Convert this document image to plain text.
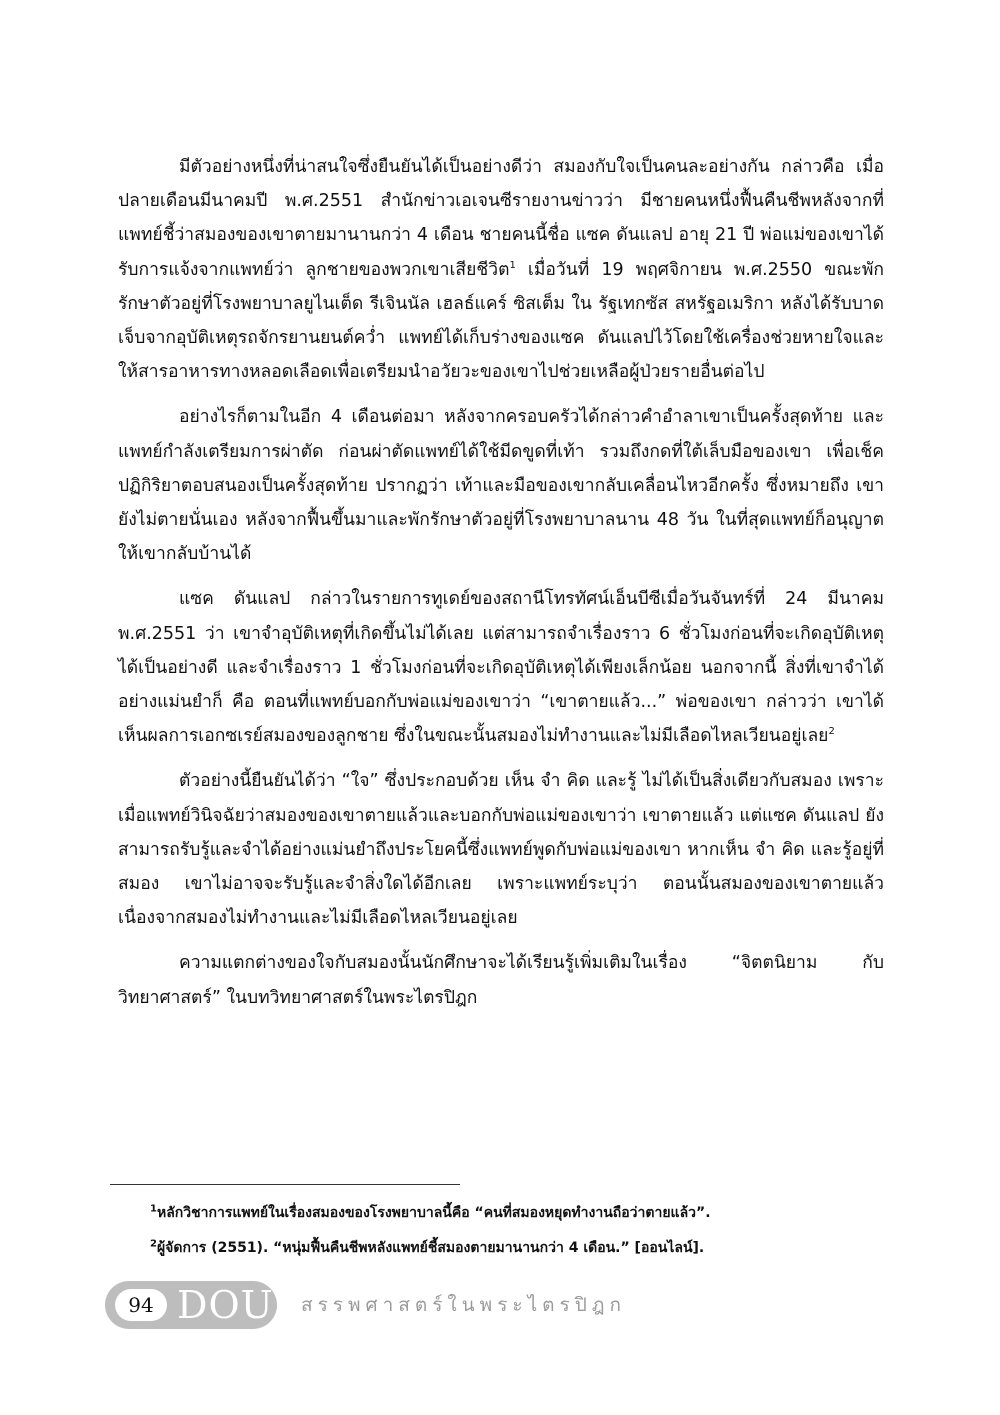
มีตัวอย่างหนึ่งที่น่าสนใจซึ่งยืนยันได้เป็นอย่างดีว่า สมองกับใจเป็นคนละอย่างกัน กล่าวคือ เมื่อปลายเดือนมีนาคมปี พ.ศ.2551 สำนักข่าวเอเจนซีรายงานข่าวว่า มีชายคนหนึ่งฟื้นคืนชีพหลังจากที่แพทย์ชี้ว่าสมองของเขาตายมานานกว่า 4 เดือน ชายคนนี้ชื่อ แซค ดันแลป อายุ 21 ปี พ่อแม่ของเขาได้รับการแจ้งจากแพทย์ว่า ลูกชายของพวกเขาเสียชีวิต$^1$ เมื่อวันที่ 19 พฤศจิกายน พ.ศ.2550 ขณะพักรักษาตัวอยู่ที่โรงพยาบาลยูไนเต็ด รีเจินนัล เฮลธ์แคร์ ซิสเต็ม ใน รัฐเทกซัส สหรัฐอเมริกา หลังได้รับบาดเจ็บจากอุบัติเหตุรถจักรยานยนต์คว่ำ แพทย์ได้เก็บร่างของแซค ดันแลปไว้โดยใช้เครื่องช่วยหายใจและให้สารอาหารทางหลอดเลือดเพื่อเตรียมนำอวัยวะของเขาไปช่วยเหลือผู้ป่วยรายอื่นต่อไป

อย่างไรก็ตามในอีก 4 เดือนต่อมา หลังจากครอบครัวได้กล่าวคำอำลาเขาเป็นครั้งสุดท้าย และแพทย์กำลังเตรียมการผ่าตัด ก่อนผ่าตัดแพทย์ได้ใช้มีดขูดที่เท้า รวมถึงกดที่ใต้เล็บมือของเขา เพื่อเช็คปฏิกิริยาตอบสนองเป็นครั้งสุดท้าย ปรากฏว่า เท้าและมือของเขากลับเคลื่อนไหวอีกครั้ง ซึ่งหมายถึง เขายังไม่ตายนั่นเอง หลังจากฟื้นขึ้นมาและพักรักษาตัวอยู่ที่โรงพยาบาลนาน 48 วัน ในที่สุดแพทย์ก็อนุญาตให้เขากลับบ้านได้

แซค ดันแลป กล่าวในรายการทูเดย์ของสถานีโทรทัศน์เอ็นบีซีเมื่อวันจันทร์ที่ 24 มีนาคม พ.ศ.2551 ว่า เขาจำอุบัติเหตุที่เกิดขึ้นไม่ได้เลย แต่สามารถจำเรื่องราว 6 ชั่วโมงก่อนที่จะเกิดอุบัติเหตุได้เป็นอย่างดี และจำเรื่องราว 1 ชั่วโมงก่อนที่จะเกิดอุบัติเหตุได้เพียงเล็กน้อย นอกจากนี้ สิ่งที่เขาจำได้อย่างแม่นยำก็ คือ ตอนที่แพทย์บอกกับพ่อแม่ของเขาว่า “เขาตายแล้ว...” พ่อของเขา กล่าวว่า เขาได้เห็นผลการเอกซเรย์สมองของลูกชาย ซึ่งในขณะนั้นสมองไม่ทำงานและไม่มีเลือดไหลเวียนอยู่เลย$^2$

ตัวอย่างนี้ยืนยันได้ว่า “ใจ” ซึ่งประกอบด้วย เห็น จำ คิด และรู้ ไม่ได้เป็นสิ่งเดียวกับสมอง เพราะเมื่อแพทย์วินิจฉัยว่าสมองของเขาตายแล้วและบอกกับพ่อแม่ของเขาว่า เขาตายแล้ว แต่แซค ดันแลป ยังสามารถรับรู้และจำได้อย่างแม่นยำถึงประโยคนี้ซึ่งแพทย์พูดกับพ่อแม่ของเขา หากเห็น จำ คิด และรู้อยู่ที่สมอง เขาไม่อาจจะรับรู้และจำสิ่งใดได้อีกเลย เพราะแพทย์ระบุว่า ตอนนั้นสมองของเขาตายแล้วเนื่องจากสมองไม่ทำงานและไม่มีเลือดไหลเวียนอยู่เลย

ความแตกต่างของใจกับสมองนั้นนักศึกษาจะได้เรียนรู้เพิ่มเติมในเรื่อง “จิตตนิยาม กับวิทยาศาสตร์” ในบทวิทยาศาสตร์ในพระไตรปิฎก

$^1$หลักวิชาการแพทย์ในเรื่องสมองของโรงพยาบาลนี้คือ “คนที่สมองหยุดทำงานถือว่าตายแล้ว”.

$^2$ผู้จัดการ (2551). “หนุ่มฟื้นคืนชีพหลังแพทย์ชี้สมองตายมานานกว่า 4 เดือน.” [ออนไลน์].

94 DOU สรรพศาสตร์ในพระไตรปิฎก
